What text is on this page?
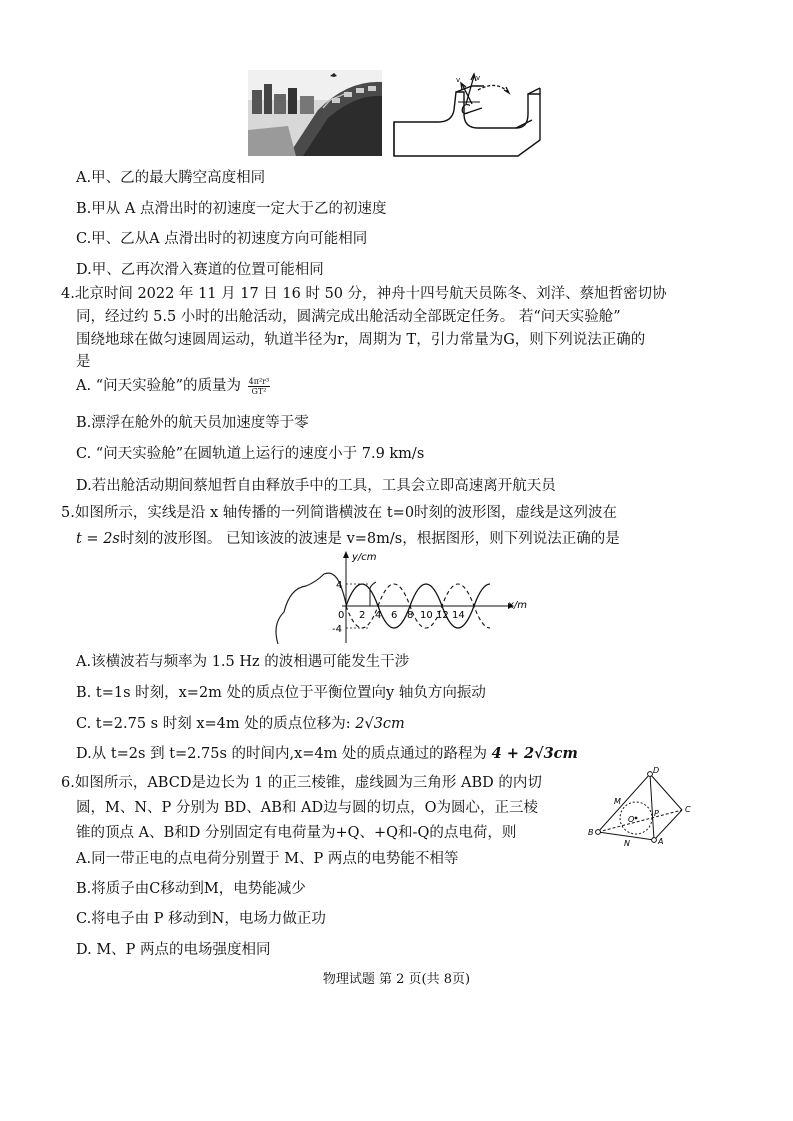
C
v
v
A.甲、乙的最大腾空高度相同
B.甲从 A 点滑出时的初速度一定大于乙的初速度
C.甲、乙从A 点滑出时的初速度方向可能相同
D.甲、乙再次滑入赛道的位置可能相同
4.北京时间 2022 年 11 月 17 日 16 时 50 分，神舟十四号航天员陈冬、刘洋、蔡旭哲密切协
同，经过约 5.5 小时的出舱活动，圆满完成出舱活动全部既定任务。 若“问天实验舱”
围绕地球在做匀速圆周运动，轨道半径为r，周期为 T，引力常量为G，则下列说法正确的
是
A. “问天实验舱”的质量为 $\frac{\text{4π²r³}}{\text{GT²}}$
B.漂浮在舱外的航天员加速度等于零
C. “问天实验舱”在圆轨道上运行的速度小于 7.9 km/s
D.若出舱活动期间蔡旭哲自由释放手中的工具，工具会立即高速离开航天员
5.如图所示，实线是沿 x 轴传播的一列简谐横波在 t=0时刻的波形图，虚线是这列波在
t = 2s时刻的波形图。 已知该波的波速是 v=8m/s，根据图形，则下列说法正确的是
y/cm
x/m
4
-4
0 2 4 6 8 10 12 14
A.该横波若与频率为 1.5 Hz 的波相遇可能发生干涉
B. t=1s 时刻，x=2m 处的质点位于平衡位置向y 轴负方向振动
C. t=2.75 s 时刻 x=4m 处的质点位移为: 2√3cm
D.从 t=2s 到 t=2.75s 的时间内,x=4m 处的质点通过的路程为 4 + 2√3cm
6.如图所示，ABCD是边长为 1 的正三棱锥，虚线圆为三角形 ABD 的内切
圆，M、N、P 分别为 BD、AB和 AD边与圆的切点，O为圆心，正三棱
锥的顶点 A、B和D 分别固定有电荷量为+Q、+Q和-Q的点电荷，则
D
M
C
P
O
B
A
N
A.同一带正电的点电荷分别置于 M、P 两点的电势能不相等
B.将质子由C移动到M，电势能减少
C.将电子由 P 移动到N，电场力做正功
D. M、P 两点的电场强度相同
物理试题 第 2 页(共 8页)
